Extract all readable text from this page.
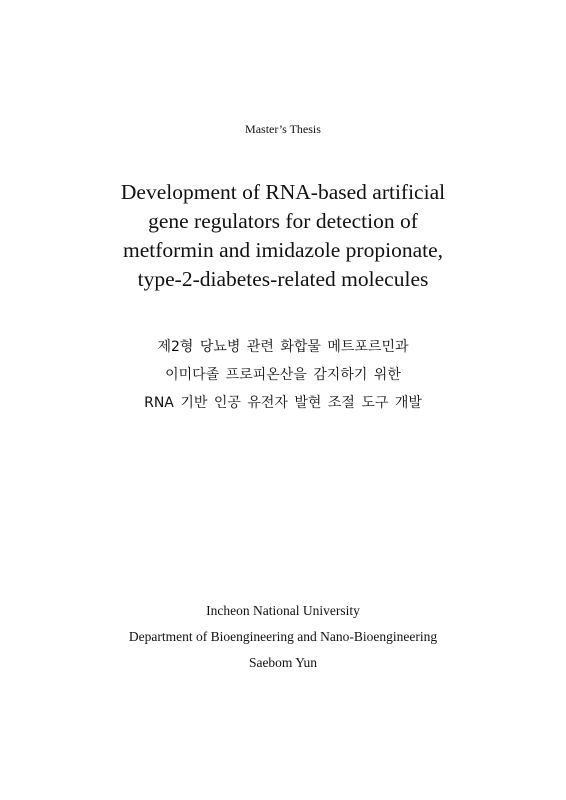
Master’s Thesis
Development of RNA-based artificial
gene regulators for detection of
metformin and imidazole propionate,
type-2-diabetes-related molecules
제2형 당뇨병 관련 화합물 메트포르민과
이미다졸 프로피온산을 감지하기 위한
RNA 기반 인공 유전자 발현 조절 도구 개발
Incheon National University
Department of Bioengineering and Nano-Bioengineering
Saebom Yun
